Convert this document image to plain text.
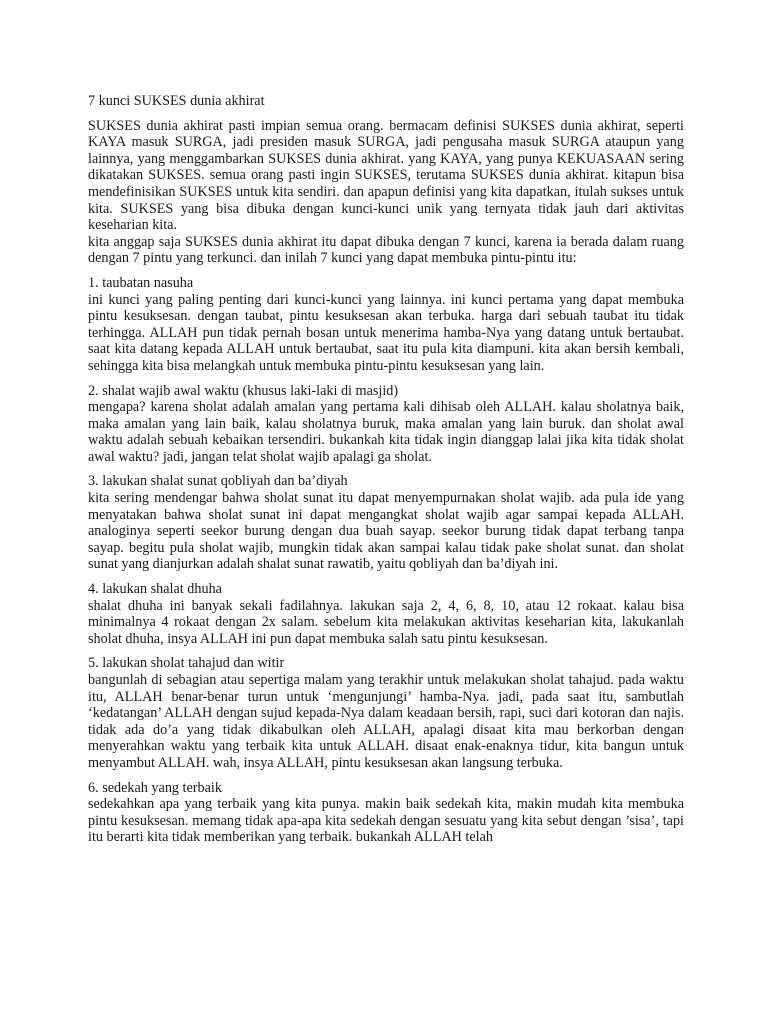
7 kunci SUKSES dunia akhirat

SUKSES dunia akhirat pasti impian semua orang. bermacam definisi SUKSES dunia akhirat, seperti KAYA masuk SURGA, jadi presiden masuk SURGA, jadi pengusaha masuk SURGA ataupun yang lainnya, yang menggambarkan SUKSES dunia akhirat. yang KAYA, yang punya KEKUASAAN sering dikatakan SUKSES. semua orang pasti ingin SUKSES, terutama SUKSES dunia akhirat. kitapun bisa mendefinisikan SUKSES untuk kita sendiri. dan apapun definisi yang kita dapatkan, itulah sukses untuk kita. SUKSES yang bisa dibuka dengan kunci-kunci unik yang ternyata tidak jauh dari aktivitas keseharian kita.

kita anggap saja SUKSES dunia akhirat itu dapat dibuka dengan 7 kunci, karena ia berada dalam ruang dengan 7 pintu yang terkunci. dan inilah 7 kunci yang dapat membuka pintu-pintu itu:

1. taubatan nasuha

ini kunci yang paling penting dari kunci-kunci yang lainnya. ini kunci pertama yang dapat membuka pintu kesuksesan. dengan taubat, pintu kesuksesan akan terbuka. harga dari sebuah taubat itu tidak terhingga. ALLAH pun tidak pernah bosan untuk menerima hamba-Nya yang datang untuk bertaubat. saat kita datang kepada ALLAH untuk bertaubat, saat itu pula kita diampuni. kita akan bersih kembali, sehingga kita bisa melangkah untuk membuka pintu-pintu kesuksesan yang lain.

2. shalat wajib awal waktu (khusus laki-laki di masjid)

mengapa? karena sholat adalah amalan yang pertama kali dihisab oleh ALLAH. kalau sholatnya baik, maka amalan yang lain baik, kalau sholatnya buruk, maka amalan yang lain buruk. dan sholat awal waktu adalah sebuah kebaikan tersendiri. bukankah kita tidak ingin dianggap lalai jika kita tidak sholat awal waktu? jadi, jangan telat sholat wajib apalagi ga sholat.

3. lakukan shalat sunat qobliyah dan ba’diyah

kita sering mendengar bahwa sholat sunat itu dapat menyempurnakan sholat wajib. ada pula ide yang menyatakan bahwa sholat sunat ini dapat mengangkat sholat wajib agar sampai kepada ALLAH. analoginya seperti seekor burung dengan dua buah sayap. seekor burung tidak dapat terbang tanpa sayap. begitu pula sholat wajib, mungkin tidak akan sampai kalau tidak pake sholat sunat. dan sholat sunat yang dianjurkan adalah shalat sunat rawatib, yaitu qobliyah dan ba’diyah ini.

4. lakukan shalat dhuha

shalat dhuha ini banyak sekali fadilahnya. lakukan saja 2, 4, 6, 8, 10, atau 12 rokaat. kalau bisa minimalnya 4 rokaat dengan 2x salam. sebelum kita melakukan aktivitas keseharian kita, lakukanlah sholat dhuha, insya ALLAH ini pun dapat membuka salah satu pintu kesuksesan.

5. lakukan sholat tahajud dan witir

bangunlah di sebagian atau sepertiga malam yang terakhir untuk melakukan sholat tahajud. pada waktu itu, ALLAH benar-benar turun untuk ‘mengunjungi’ hamba-Nya. jadi, pada saat itu, sambutlah ‘kedatangan’ ALLAH dengan sujud kepada-Nya dalam keadaan bersih, rapi, suci dari kotoran dan najis. tidak ada do’a yang tidak dikabulkan oleh ALLAH, apalagi disaat kita mau berkorban dengan menyerahkan waktu yang terbaik kita untuk ALLAH. disaat enak-enaknya tidur, kita bangun untuk menyambut ALLAH. wah, insya ALLAH, pintu kesuksesan akan langsung terbuka.

6. sedekah yang terbaik

sedekahkan apa yang terbaik yang kita punya. makin baik sedekah kita, makin mudah kita membuka pintu kesuksesan. memang tidak apa-apa kita sedekah dengan sesuatu yang kita sebut dengan ’sisa’, tapi itu berarti kita tidak memberikan yang terbaik. bukankah ALLAH telah
